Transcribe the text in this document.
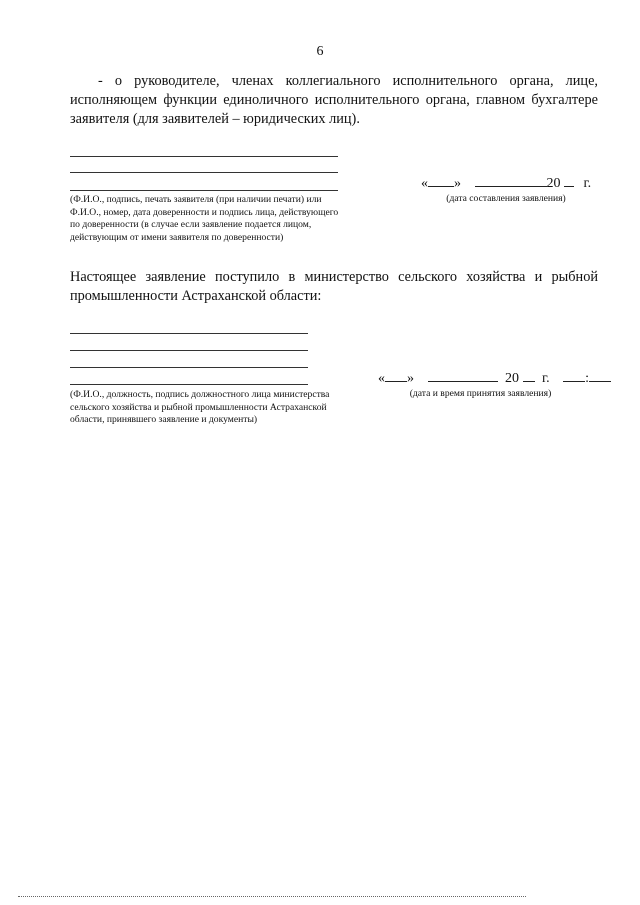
6
- о руководителе, членах коллегиального исполнительного органа, лице, исполняющем функции единоличного исполнительного органа, главном бухгалтере заявителя (для заявителей – юридических лиц).
(Ф.И.О., подпись, печать заявителя (при наличии печати) или Ф.И.О., номер, дата доверенности и подпись лица, действующего по доверенности (в случае если заявление подается лицом, действующим от имени заявителя по доверенности)
« »	20 г.
(дата составления заявления)
Настоящее заявление поступило в министерство сельского хозяйства и рыбной промышленности Астраханской области:
(Ф.И.О., должность, подпись должностного лица министерства сельского хозяйства и рыбной промышленности Астраханской области, принявшего заявление и документы)
« »	20 г.	:
(дата и время принятия заявления)
